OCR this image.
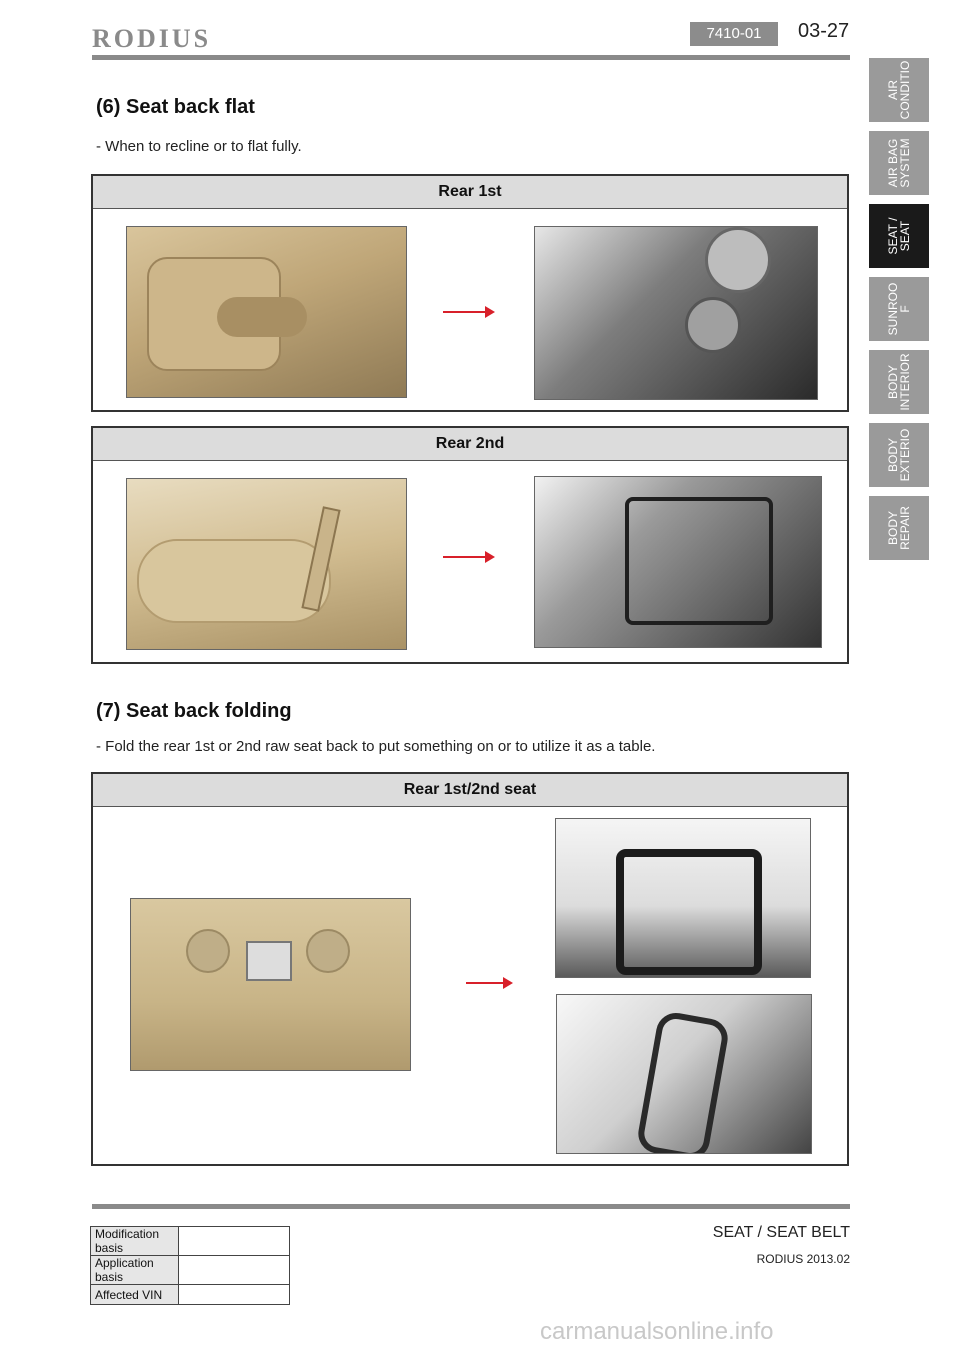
RODIUS	7410-01	03-27
AIR
CONDITIO
AIR BAG
SYSTEM
SEAT /
SEAT
SUNROO
F
BODY
INTERIOR
BODY
EXTERIO
BODY
REPAIR
(6) Seat back flat
- When to recline or to flat fully.
Rear 1st
Rear 2nd
(7) Seat back folding
- Fold the rear 1st or 2nd raw seat back to put something on or to utilize it as a table.
Rear 1st/2nd seat
Modification basis	
Application basis	
Affected VIN	
SEAT / SEAT BELT
RODIUS 2013.02
carmanualsonline.info
